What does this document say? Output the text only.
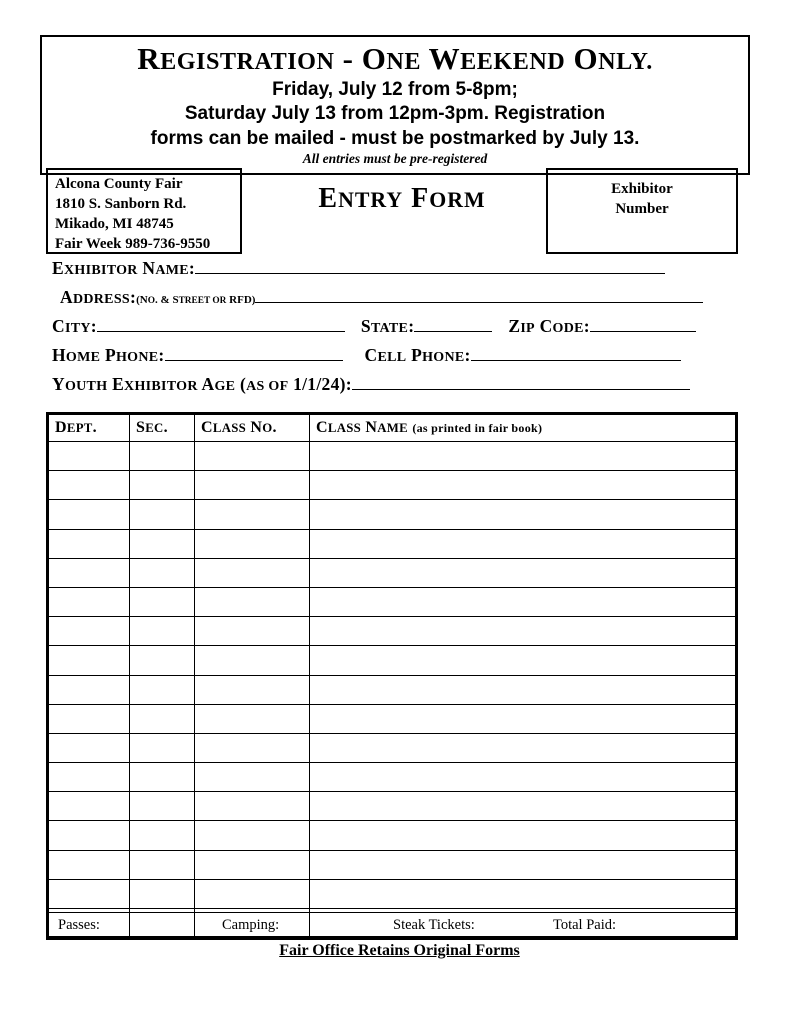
REGISTRATION - ONE WEEKEND ONLY.
Friday, July 12 from 5-8pm;
Saturday July 13 from 12pm-3pm. Registration
forms can be mailed - must be postmarked by July 13.
All entries must be pre-registered
Alcona County Fair
1810 S. Sanborn Rd.
Mikado, MI 48745
Fair Week 989-736-9550
ENTRY FORM	Exhibitor
Number
EXHIBITOR NAME:
ADDRESS:(NO. & STREET OR RFD)
CITY:	STATE:	ZIP CODE:
HOME PHONE:	CELL PHONE:
YOUTH EXHIBITOR AGE (AS OF 1/1/24):
DEPT.	SEC.	CLASS NO.	CLASS NAME (as printed in fair book)

Passes:	Camping:	Steak Tickets:	Total Paid:
Fair Office Retains Original Forms
